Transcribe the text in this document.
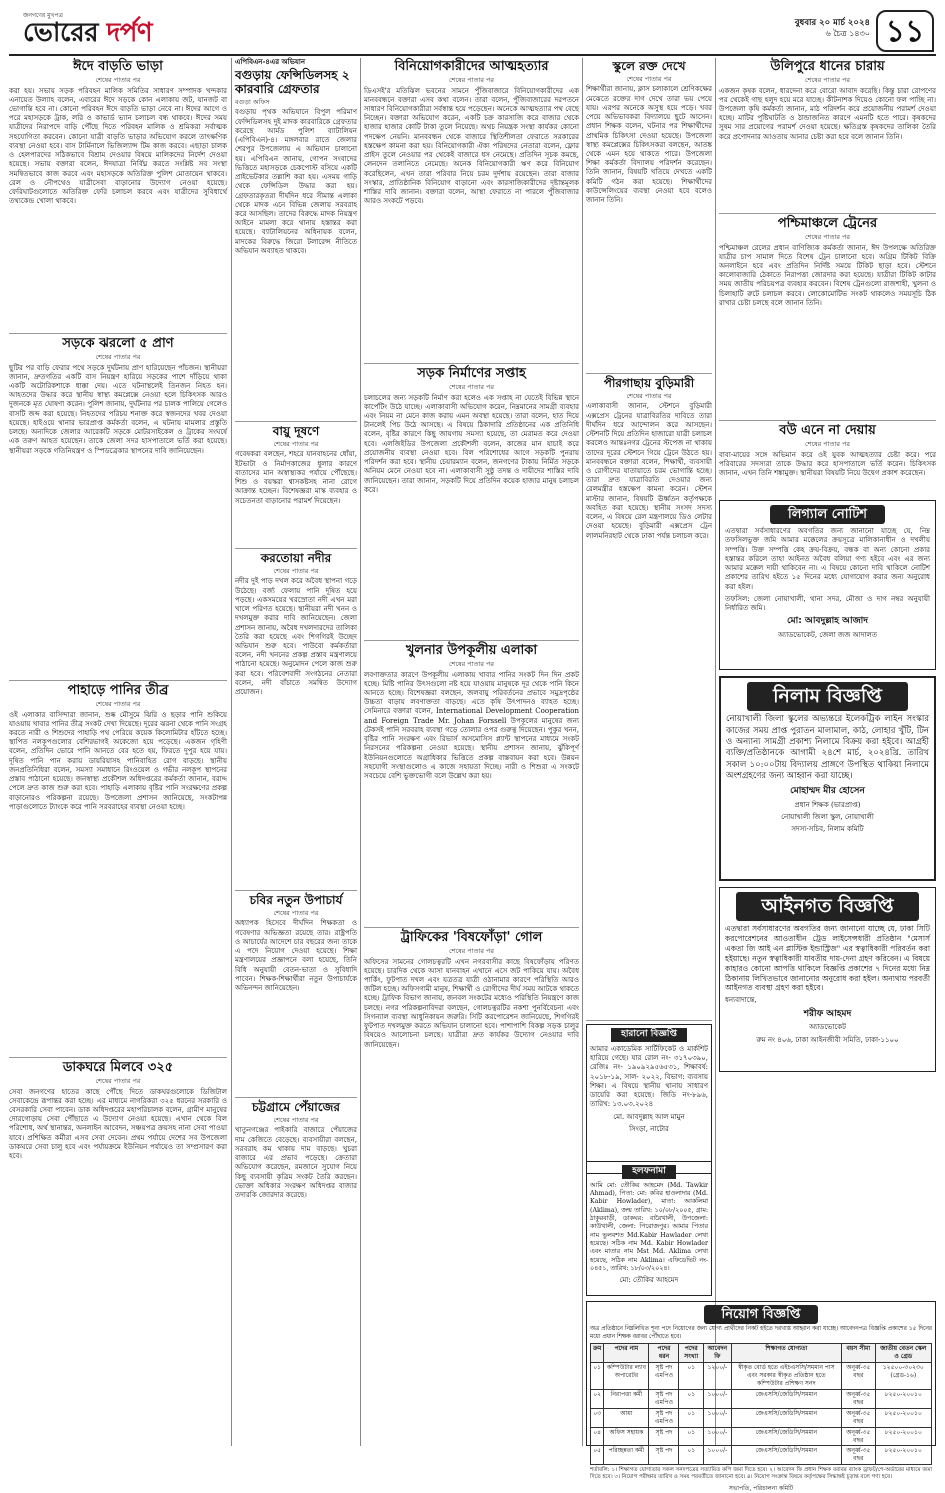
জনগণের মুখপত্র
ভোরের দর্পণ	বুধবার ২০ মার্চ ২০২৪
৬ চৈত্র ১৪৩০ ১১
ঈদে বাড়তি ভাড়া
শেষের পাতার পর

করা হয়। সভায় সড়ক পরিবহন মালিক সমিতির সাধারণ সম্পাদক খন্দকার এনায়েত উল্যাহ বলেন, এবারের ঈদে সড়কে কোন এলাকায় জট, যানজট বা ভোগান্তি হবে না। কোনো পরিবহন ঈদে বাড়তি ভাড়া নেবে না। ঈদের আগে ও পরে মহাসড়কে ট্রাক, লরি ও কাভার্ড ভ্যান চলাচল বন্ধ থাকবে। ঈদের সময় যাত্রীদের নিরাপদে বাড়ি পৌঁছে দিতে পরিবহন মালিক ও শ্রমিকরা সর্বাত্মক সহযোগিতা করবেন। কোনো যাত্রী বাড়তি ভাড়ার অভিযোগ করলে তাৎক্ষণিক ব্যবস্থা নেওয়া হবে। বাস টার্মিনালে ভিজিল্যান্স টিম কাজ করবে। এছাড়া চালক ও হেলপারদের সঠিকভাবে বিশ্রাম দেওয়ার বিষয়ে মালিকদের নির্দেশ দেওয়া হয়েছে। সভায় বক্তারা বলেন, ঈদযাত্রা নির্বিঘ্ন করতে সংশ্লিষ্ট সব সংস্থা সমন্বিতভাবে কাজ করবে এবং মহাসড়কে অতিরিক্ত পুলিশ মোতায়েন থাকবে। রেল ও নৌপথেও যাত্রীসেবা বাড়ানোর উদ্যোগ নেওয়া হয়েছে। ফেরিঘাটগুলোতে অতিরিক্ত ফেরি চলাচল করবে এবং যাত্রীদের সুবিধার্থে তথ্যকেন্দ্র খোলা থাকবে।

সড়কে ঝরলো ৫ প্রাণ
শেষের পাতার পর

ছুটির পর বাড়ি ফেরার পথে সড়কে দুর্ঘটনায় প্রাণ হারিয়েছেন পাঁচজন। স্থানীয়রা জানান, দ্রুতগতির একটি বাস নিয়ন্ত্রণ হারিয়ে সড়কের পাশে দাঁড়িয়ে থাকা একটি অটোরিকশাকে ধাক্কা দেয়। এতে ঘটনাস্থলেই তিনজন নিহত হন। আহতদের উদ্ধার করে স্থানীয় স্বাস্থ্য কমপ্লেক্সে নেওয়া হলে চিকিৎসক আরও দুজনকে মৃত ঘোষণা করেন। পুলিশ জানায়, দুর্ঘটনার পর চালক পালিয়ে গেলেও বাসটি জব্দ করা হয়েছে। নিহতদের পরিচয় শনাক্ত করে স্বজনদের খবর দেওয়া হয়েছে। হাইওয়ে থানার ভারপ্রাপ্ত কর্মকর্তা বলেন, এ ঘটনায় মামলার প্রস্তুতি চলছে। অন্যদিকে জেলার আরেকটি সড়কে মোটরসাইকেল ও ট্রাকের সংঘর্ষে এক তরুণ আহত হয়েছেন। তাকে জেলা সদর হাসপাতালে ভর্তি করা হয়েছে। স্থানীয়রা সড়কে গতিনিয়ন্ত্রণ ও স্পিডব্রেকার স্থাপনের দাবি জানিয়েছেন।

পাহাড়ে পানির তীব্র
শেষের পাতার পর

ওই এলাকার বাসিন্দারা জানান, শুষ্ক মৌসুমে ঝিরি ও ছড়ার পানি শুকিয়ে যাওয়ায় খাবার পানির তীব্র সংকট দেখা দিয়েছে। দূরের ঝরনা থেকে পানি সংগ্রহ করতে নারী ও শিশুদের পাহাড়ি পথ পেরিয়ে কয়েক কিলোমিটার হাঁটতে হচ্ছে। স্থাপিত নলকূপগুলোর বেশিরভাগই অকেজো হয়ে পড়েছে। একজন গৃহিণী বলেন, প্রতিদিন ভোরে পানি আনতে বের হতে হয়, ফিরতে দুপুর হয়ে যায়। দূষিত পানি পান করায় ডায়রিয়াসহ পানিবাহিত রোগ বাড়ছে। স্থানীয় জনপ্রতিনিধিরা বলেন, সমস্যা সমাধানে রিংওয়েল ও গভীর নলকূপ স্থাপনের প্রস্তাব পাঠানো হয়েছে। জনস্বাস্থ্য প্রকৌশল অধিদপ্তরের কর্মকর্তা জানান, বরাদ্দ পেলে দ্রুত কাজ শুরু করা হবে। পাহাড়ি এলাকায় বৃষ্টির পানি সংরক্ষণের প্রকল্প বাড়ানোরও পরিকল্পনা রয়েছে। উপজেলা প্রশাসন জানিয়েছে, সংকটাপন্ন পাড়াগুলোতে ট্যাংকে করে পানি সরবরাহের ব্যবস্থা নেওয়া হচ্ছে।

ডাকঘরে মিলবে ৩২৫
শেষের পাতার পর

সেবা জনগণের হাতের কাছে পৌঁছে দিতে ডাকঘরগুলোকে ডিজিটাল সেবাকেন্দ্রে রূপান্তর করা হচ্ছে। এর মাধ্যমে নাগরিকরা ৩২৫ ধরনের সরকারি ও বেসরকারি সেবা পাবেন। ডাক অধিদপ্তরের মহাপরিচালক বলেন, গ্রামীণ মানুষের দোরগোড়ায় সেবা পৌঁছাতে এ উদ্যোগ নেওয়া হয়েছে। এখান থেকে বিল পরিশোধ, অর্থ স্থানান্তর, অনলাইন আবেদন, সঞ্চয়পত্র ক্রয়সহ নানা সেবা পাওয়া যাবে। প্রশিক্ষিত কর্মীরা এসব সেবা দেবেন। প্রথম পর্যায়ে দেশের সব উপজেলা ডাকঘরে সেবা চালু হবে এবং পর্যায়ক্রমে ইউনিয়ন পর্যায়েও তা সম্প্রসারণ করা হবে।

এপিবিএন-৪এর অভিযান
বগুড়ায় ফেন্সিডিলসহ ২ কারবারি গ্রেফতার
বগুড়া অফিস

বগুড়ায় পৃথক অভিযানে বিপুল পরিমাণ ফেন্সিডিলসহ দুই মাদক কারবারিকে গ্রেফতার করেছে আর্মড পুলিশ ব্যাটালিয়ন (এপিবিএন)-৪। মঙ্গলবার রাতে জেলার শেরপুর উপজেলায় এ অভিযান চালানো হয়। এপিবিএন জানায়, গোপন সংবাদের ভিত্তিতে মহাসড়কে চেকপোস্ট বসিয়ে একটি প্রাইভেটকার তল্লাশি করা হয়। এসময় গাড়ি থেকে ফেন্সিডিল উদ্ধার করা হয়। গ্রেফতারকৃতরা দীর্ঘদিন ধরে সীমান্ত এলাকা থেকে মাদক এনে বিভিন্ন জেলায় সরবরাহ করে আসছিল। তাদের বিরুদ্ধে মাদক নিয়ন্ত্রণ আইনে মামলা করে থানায় হস্তান্তর করা হয়েছে। ব্যাটালিয়নের অধিনায়ক বলেন, মাদকের বিরুদ্ধে জিরো টলারেন্স নীতিতে অভিযান অব্যাহত থাকবে।

বায়ু দূষণে
শেষের পাতার পর

গবেষকরা বলছেন, শহরে যানবাহনের ধোঁয়া, ইটভাটা ও নির্মাণকাজের ধুলার কারণে বাতাসের মান অস্বাস্থ্যকর পর্যায়ে পৌঁছেছে। শিশু ও বয়স্করা শ্বাসকষ্টসহ নানা রোগে আক্রান্ত হচ্ছেন। বিশেষজ্ঞরা মাস্ক ব্যবহার ও সচেতনতা বাড়ানোর পরামর্শ দিয়েছেন।

করতোয়া নদীর
শেষের পাতার পর

নদীর দুই পাড় দখল করে অবৈধ স্থাপনা গড়ে উঠেছে। বর্জ্য ফেলায় পানি দূষিত হয়ে পড়ছে। একসময়ের খরস্রোতা নদী এখন মরা খালে পরিণত হয়েছে। স্থানীয়রা নদী খনন ও দখলমুক্ত করার দাবি জানিয়েছেন। জেলা প্রশাসন জানায়, অবৈধ দখলদারদের তালিকা তৈরি করা হয়েছে এবং শিগগিরই উচ্ছেদ অভিযান শুরু হবে। পাউবো কর্মকর্তারা বলেন, নদী খননের প্রকল্প প্রস্তাব মন্ত্রণালয়ে পাঠানো হয়েছে। অনুমোদন পেলে কাজ শুরু করা হবে। পরিবেশবাদী সংগঠনের নেতারা বলেন, নদী বাঁচাতে সমন্বিত উদ্যোগ প্রয়োজন।

চবির নতুন উপাচার্য
শেষের পাতার পর

অধ্যাপক হিসেবে দীর্ঘদিন শিক্ষকতা ও গবেষণার অভিজ্ঞতা রয়েছে তার। রাষ্ট্রপতি ও আচার্যের আদেশে চার বছরের জন্য তাকে এ পদে নিয়োগ দেওয়া হয়েছে। শিক্ষা মন্ত্রণালয়ের প্রজ্ঞাপনে বলা হয়েছে, তিনি বিধি অনুযায়ী বেতন-ভাতা ও সুবিধাদি পাবেন। শিক্ষক-শিক্ষার্থীরা নতুন উপাচার্যকে অভিনন্দন জানিয়েছেন।

চট্টগ্রামে পেঁয়াজের
শেষের পাতার পর

খাতুনগঞ্জের পাইকারি বাজারে পেঁয়াজের দাম কেজিতে বেড়েছে। ব্যবসায়ীরা বলছেন, সরবরাহ কম থাকায় দাম বাড়ছে। খুচরা বাজারে এর প্রভাব পড়েছে। ক্রেতারা অভিযোগ করেছেন, রমজানে সুযোগ নিয়ে কিছু ব্যবসায়ী কৃত্রিম সংকট তৈরি করছেন। ভোক্তা অধিকার সংরক্ষণ অধিদপ্তর বাজার তদারকি জোরদার করেছে।

বিনিয়োগকারীদের আত্মহত্যার
শেষের পাতার পর

ডিএসই'র মতিঝিল ভবনের সামনে পুঁজিবাজারে বিনিয়োগকারীদের এক মানববন্ধনে বক্তারা এসব কথা বলেন। তারা বলেন, পুঁজিবাজারের দরপতনে সাধারণ বিনিয়োগকারীরা সর্বস্বান্ত হয়ে পড়েছেন। অনেকে আত্মহত্যার পথ বেছে নিচ্ছেন। বক্তারা অভিযোগ করেন, একটি চক্র কারসাজি করে বাজার থেকে হাজার হাজার কোটি টাকা তুলে নিয়েছে। অথচ নিয়ন্ত্রক সংস্থা কার্যকর কোনো পদক্ষেপ নেয়নি। মানববন্ধন থেকে বাজারে স্থিতিশীলতা ফেরাতে সরকারের হস্তক্ষেপ কামনা করা হয়। বিনিয়োগকারী ঐক্য পরিষদের নেতারা বলেন, ফ্লোর প্রাইস তুলে নেওয়ার পর থেকেই বাজারে ধস নেমেছে। প্রতিদিন সূচক কমছে, লেনদেন তলানিতে নেমেছে। অনেক বিনিয়োগকারী ঋণ করে বিনিয়োগ করেছিলেন, এখন তারা পরিবার নিয়ে চরম দুর্দশায় রয়েছেন। তারা বাজার সংস্কার, প্রাতিষ্ঠানিক বিনিয়োগ বাড়ানো এবং কারসাজিকারীদের দৃষ্টান্তমূলক শাস্তির দাবি জানান। বক্তারা বলেন, আস্থা ফেরাতে না পারলে পুঁজিবাজার আরও সংকটে পড়বে।

সড়ক নির্মাণের সপ্তাহ
শেষের পাতার পর

চলাচলের জন্য সড়কটি নির্মাণ করা হলেও এক সপ্তাহ না যেতেই বিভিন্ন স্থানে কার্পেটিং উঠে যাচ্ছে। এলাকাবাসী অভিযোগ করেন, নিম্নমানের সামগ্রী ব্যবহার এবং নিয়ম না মেনে কাজ করায় এমন অবস্থা হয়েছে। তারা বলেন, হাত দিয়ে টানলেই পিচ উঠে আসছে। এ বিষয়ে ঠিকাদারি প্রতিষ্ঠানের এক প্রতিনিধি বলেন, বৃষ্টির কারণে কিছু জায়গায় সমস্যা হয়েছে, তা মেরামত করে দেওয়া হবে। এলজিইডির উপজেলা প্রকৌশলী বলেন, কাজের মান যাচাই করে প্রয়োজনীয় ব্যবস্থা নেওয়া হবে। বিল পরিশোধের আগে সড়কটি পুনরায় পরিদর্শন করা হবে। স্থানীয় চেয়ারম্যান বলেন, জনগণের টাকায় নির্মিত সড়কে অনিয়ম মেনে নেওয়া হবে না। এলাকাবাসী সুষ্ঠু তদন্ত ও দায়ীদের শাস্তির দাবি জানিয়েছেন। তারা জানান, সড়কটি দিয়ে প্রতিদিন কয়েক হাজার মানুষ চলাচল করে।

খুলনার উপকূলীয় এলাকা
শেষের পাতার পর

লবণাক্ততার কারণে উপকূলীয় এলাকায় খাবার পানির সংকট দিন দিন প্রকট হচ্ছে। মিষ্টি পানির উৎসগুলো নষ্ট হয়ে যাওয়ায় মানুষকে দূর থেকে পানি কিনে আনতে হচ্ছে। বিশেষজ্ঞরা বলছেন, জলবায়ু পরিবর্তনের প্রভাবে সমুদ্রপৃষ্ঠের উচ্চতা বাড়ায় লবণাক্ততা বাড়ছে। এতে কৃষি উৎপাদনও ব্যাহত হচ্ছে। সেমিনারে বক্তারা বলেন, International Development Cooperation and Foreign Trade Mr. Johan Forssell উপকূলের মানুষের জন্য টেকসই পানি সরবরাহ ব্যবস্থা গড়ে তোলার ওপর গুরুত্ব দিয়েছেন। পুকুর খনন, বৃষ্টির পানি সংরক্ষণ এবং রিভার্স অসমোসিস প্ল্যান্ট স্থাপনের মাধ্যমে সংকট নিরসনের পরিকল্পনা নেওয়া হয়েছে। স্থানীয় প্রশাসন জানায়, ঝুঁকিপূর্ণ ইউনিয়নগুলোতে অগ্রাধিকার ভিত্তিতে প্রকল্প বাস্তবায়ন করা হবে। উন্নয়ন সহযোগী সংস্থাগুলোও এ কাজে সহায়তা দিচ্ছে। নারী ও শিশুরা এ সংকটে সবচেয়ে বেশি ভুক্তভোগী বলে উল্লেখ করা হয়।

ট্রাফিকের 'বিষফোঁড়া' গোল
শেষের পাতার পর

অফিসের সামনের গোলচত্বরটি এখন নগরবাসীর কাছে বিষফোঁড়ায় পরিণত হয়েছে। চারদিক থেকে আসা যানবাহন এখানে এসে জট পাকিয়ে যায়। অবৈধ পার্কিং, ফুটপাত দখল এবং যত্রতত্র যাত্রী ওঠানামার কারণে পরিস্থিতি আরও জটিল হচ্ছে। অফিসগামী মানুষ, শিক্ষার্থী ও রোগীদের দীর্ঘ সময় আটকে থাকতে হচ্ছে। ট্রাফিক বিভাগ জানায়, জনবল সংকটের মধ্যেও পরিস্থিতি নিয়ন্ত্রণে কাজ চলছে। নগর পরিকল্পনাবিদরা বলছেন, গোলচত্বরটির নকশা পুনর্বিবেচনা এবং সিগন্যাল ব্যবস্থা আধুনিকায়ন জরুরি। সিটি করপোরেশন জানিয়েছে, শিগগিরই ফুটপাত দখলমুক্ত করতে অভিযান চালানো হবে। পাশাপাশি বিকল্প সড়ক চালুর বিষয়েও আলোচনা চলছে। যাত্রীরা দ্রুত কার্যকর উদ্যোগ নেওয়ার দাবি জানিয়েছেন।

স্কুলে রক্ত দেখে
শেষের পাতার পর

শিক্ষার্থীরা জানায়, ক্লাস চলাকালে শ্রেণিকক্ষের মেঝেতে রক্তের দাগ দেখে তারা ভয় পেয়ে যায়। এরপর অনেকে অসুস্থ হয়ে পড়ে। খবর পেয়ে অভিভাবকরা বিদ্যালয়ে ছুটে আসেন। প্রধান শিক্ষক বলেন, ঘটনার পর শিক্ষার্থীদের প্রাথমিক চিকিৎসা দেওয়া হয়েছে। উপজেলা স্বাস্থ্য কমপ্লেক্সের চিকিৎসকরা বলছেন, আতঙ্ক থেকে এমন হয়ে থাকতে পারে। উপজেলা শিক্ষা কর্মকর্তা বিদ্যালয় পরিদর্শন করেছেন। তিনি জানান, বিষয়টি খতিয়ে দেখতে একটি কমিটি গঠন করা হয়েছে। শিক্ষার্থীদের কাউন্সেলিংয়ের ব্যবস্থা নেওয়া হবে বলেও জানান তিনি।

পীরগাছায় বুড়িমারী
শেষের পাতার পর

এলাকাবাসী জানান, স্টেশনে বুড়িমারী এক্সপ্রেস ট্রেনের যাত্রাবিরতির দাবিতে তারা দীর্ঘদিন ধরে আন্দোলন করে আসছেন। স্টেশনটি দিয়ে প্রতিদিন হাজারো যাত্রী চলাচল করলেও আন্তঃনগর ট্রেনের স্টপেজ না থাকায় তাদের দূরের স্টেশনে গিয়ে ট্রেনে উঠতে হয়। মানববন্ধনে বক্তারা বলেন, শিক্ষার্থী, ব্যবসায়ী ও রোগীদের যাতায়াতে চরম ভোগান্তি হচ্ছে। তারা দ্রুত যাত্রাবিরতি দেওয়ার জন্য রেলমন্ত্রীর হস্তক্ষেপ কামনা করেন। স্টেশন মাস্টার জানান, বিষয়টি ঊর্ধ্বতন কর্তৃপক্ষকে অবহিত করা হয়েছে। স্থানীয় সংসদ সদস্য বলেন, এ বিষয়ে রেল মন্ত্রণালয়ে ডিও লেটার দেওয়া হয়েছে। বুড়িমারী এক্সপ্রেস ট্রেন লালমনিরহাট থেকে ঢাকা পর্যন্ত চলাচল করে।

হারানো বিজ্ঞপ্তি

আমার একাডেমিক সার্টিফিকেট ও মার্কশিট হারিয়ে গেছে। যার রোল নং- ৩১৭০৩৯০, রেজিঃ নং- ১৯০৯২৯৫৬৫৩১, শিক্ষাবর্ষ: ২০১৮-১৯, সাল- ২০২২, বিভাগ: ব্যবসায় শিক্ষা। এ বিষয়ে স্থানীয় থানায় সাধারণ ডায়েরি করা হয়েছে। জিডি নং-৮৯৬, তারিখ: ১৩.০৩.২০২৪

মো. আবদুল্লাহ আল মামুন
সিংড়া, নাটোর
উলিপুরে ধানের চারায়
শেষের পাতার পর

একজন কৃষক বলেন, ধারদেনা করে বোরো আবাদ করেছি। কিন্তু চারা রোপণের পর থেকেই গাছ হলুদ হয়ে মরে যাচ্ছে। কীটনাশক দিয়েও কোনো ফল পাচ্ছি না। উপজেলা কৃষি কর্মকর্তা জানান, মাঠ পরিদর্শন করে প্রয়োজনীয় পরামর্শ দেওয়া হচ্ছে। মাটির পুষ্টিঘাটতি ও ঠান্ডাজনিত কারণে এমনটি হতে পারে। কৃষকদের সুষম সার প্রয়োগের পরামর্শ দেওয়া হয়েছে। ক্ষতিগ্রস্ত কৃষকদের তালিকা তৈরি করে প্রণোদনার আওতায় আনার চেষ্টা করা হবে বলে জানান তিনি।

পশ্চিমাঞ্চলে ট্রেনের
শেষের পাতার পর

পশ্চিমাঞ্চল রেলের প্রধান বাণিজ্যিক কর্মকর্তা জানান, ঈদ উপলক্ষে অতিরিক্ত যাত্রীর চাপ সামাল দিতে বিশেষ ট্রেন চালানো হবে। অগ্রিম টিকিট বিক্রি অনলাইনে হবে এবং প্রতিদিন নির্দিষ্ট সময়ে টিকিট ছাড়া হবে। স্টেশনে কালোবাজারি ঠেকাতে নিরাপত্তা জোরদার করা হয়েছে। যাত্রীরা টিকিট কাটার সময় জাতীয় পরিচয়পত্র ব্যবহার করবেন। বিশেষ ট্রেনগুলো রাজশাহী, খুলনা ও চিলাহাটি রুটে চলাচল করবে। লোকোমোটিভ সংকট থাকলেও সময়সূচি ঠিক রাখার চেষ্টা চলছে বলে জানান তিনি।

বউ এনে না দেয়ায়
শেষের পাতার পর

বাবা-মায়ের সঙ্গে অভিমান করে ওই যুবক আত্মহত্যার চেষ্টা করে। পরে পরিবারের সদস্যরা তাকে উদ্ধার করে হাসপাতালে ভর্তি করেন। চিকিৎসক জানান, এখন তিনি শঙ্কামুক্ত। স্থানীয়রা বিষয়টি নিয়ে উদ্বেগ প্রকাশ করেছেন।

লিগ্যাল নোটিশ

এতদ্বারা সর্বসাধারণের অবগতির জন্য জানানো যাচ্ছে যে, নিম্ন তফসিলভুক্ত জমি আমার মক্কেলের ক্রয়সূত্রে মালিকানাধীন ও দখলীয় সম্পত্তি। উক্ত সম্পত্তি কেহ ক্রয়-বিক্রয়, বন্ধক বা অন্য কোনো প্রকার হস্তান্তর করিলে তাহা আইনত অবৈধ বলিয়া গণ্য হইবে এবং এর জন্য আমার মক্কেল দায়ী থাকিবেন না। এ বিষয়ে কোনো দাবি থাকিলে নোটিশ প্রকাশের তারিখ হইতে ১৫ দিনের মধ্যে যোগাযোগ করার জন্য অনুরোধ করা হইল।

তফসিল: জেলা নোয়াখালী, থানা সদর, মৌজা ও দাগ নম্বর অনুযায়ী নির্ধারিত জমি।

মো: আবদুল্লাহ আজাদ
অ্যাডভোকেট, জেলা জজ আদালত
নিলাম বিজ্ঞপ্তি

নোয়াখালী জিলা স্কুলের অভ্যন্তরে ইলেকট্রিক লাইন সংস্কার কাজের সময় প্রাপ্ত পুরাতন মালামাল, কাঠ, লোহার খুঁটি, টিন ও অন্যান্য সামগ্রী প্রকাশ্য নিলামে বিক্রয় করা হইবে। আগ্রহী ব্যক্তি/প্রতিষ্ঠানকে আগামী ২৪শে মার্চ, ২০২৪খ্রি. তারিখ সকাল ১০:০০টায় বিদ্যালয় প্রাঙ্গণে উপস্থিত থাকিয়া নিলামে অংশগ্রহণের জন্য আহ্বান করা যাচ্ছে।

মোহাম্মদ মীর হোসেন
প্রধান শিক্ষক (ভারপ্রাপ্ত)
নোয়াখালী জিলা স্কুল, নোয়াখালী
সদস্য-সচিব, নিলাম কমিটি
আইনগত বিজ্ঞপ্তি

এতদ্বারা সর্বসাধারণের অবগতির জন্য জানানো যাচ্ছে যে, ঢাকা সিটি করপোরেশনের আওতাধীন ট্রেড লাইসেন্সধারী প্রতিষ্ঠান "মেসার্স একতা জি আই এন প্লাস্টিক ইন্ডাস্ট্রিজ" এর স্বত্বাধিকারী পরিবর্তন করা হইয়াছে। নতুন স্বত্বাধিকারী যাবতীয় দায়-দেনা গ্রহণ করিবেন। এ বিষয়ে কাহারও কোনো আপত্তি থাকিলে বিজ্ঞপ্তি প্রকাশের ৭ দিনের মধ্যে নিম্ন ঠিকানায় লিখিতভাবে জানানোর অনুরোধ করা হইল। অন্যথায় পরবর্তী আইনগত ব্যবস্থা গ্রহণ করা হইবে।

ধন্যবাদান্তে,
শরীফ আহমদ
অ্যাডভোকেট
রুম নং ৪০৬, ঢাকা আইনজীবী সমিতি, ঢাকা-১১০০
হলফনামা

আমি মো: তৌকির আহমেদ (Md. Tawkir Ahmad), পিতা: মো: কবির হাওলাদার (Md. Kabir Howlader), মাতা: আকলিমা (Aklima), জন্ম তারিখ: ১০/০৮/২০০৫, গ্রাম: ঠাকুরবাড়ী, ডাকঘর: বারৈখালী, উপজেলা: কাউখালী, জেলা: পিরোজপুর। আমার পিতার নাম ভুলবশত Md.Kabir Hawlader লেখা হয়েছে। সঠিক নাম Md. Kabir Howlader এবং মাতার নাম Mst Md. Aklima লেখা হয়েছে, সঠিক নাম Aklima। এফিডেভিট নং- ০৪৫১, তারিখ: ১৮/০৩/২০২৪।

মো: তৌকির আহমেদ
নিয়োগ বিজ্ঞপ্তি

অত্র প্রতিষ্ঠানে নিম্নলিখিত শূন্য পদে নিয়োগের জন্য যোগ্য প্রার্থীদের নিকট হইতে দরখাস্ত আহ্বান করা যাচ্ছে। আবেদনপত্র বিজ্ঞপ্তি প্রকাশের ১৫ দিনের মধ্যে প্রধান শিক্ষক বরাবর পৌঁছাতে হবে।

ক্রম	পদের নাম	পদের ধরন	পদের সংখ্যা	আবেদন ফি	শিক্ষাগত যোগ্যতা	বয়স সীমা	জাতীয় বেতন স্কেল ও গ্রেড
০১	কম্পিউটার ল্যাব অপারেটর	সৃষ্ট পদ এমপিও	০১	১২০০/-	স্বীকৃত বোর্ড হতে এইচএসসি/সমমান পাস এবং সরকার স্বীকৃত প্রতিষ্ঠান হতে কম্পিউটার প্রশিক্ষণ সনদ	অনূর্ধ্ব-৩৫ বছর	১২৫০০-৩০২৩০ (গ্রেড-১৬)
০২	নিরাপত্তা কর্মী	সৃষ্ট পদ এমপিও	০১	১০০০/-	জেএসসি/জেডিসি/সমমান	অনূর্ধ্ব-৩৫ বছর	৮২৫০-২০০১০
০৩	আয়া	সৃষ্ট পদ এমপিও	০১	১০০০/-	জেএসসি/জেডিসি/সমমান	অনূর্ধ্ব-৩৫ বছর	৮২৫০-২০০১০
০৪	অফিস সহায়ক	সৃষ্ট পদ	০১	১০০০/-	জেএসসি/জেডিসি/সমমান	অনূর্ধ্ব-৩৫ বছর	৮২৫০-২০০১০
০৫	পরিচ্ছন্নতা কর্মী	সৃষ্ট পদ	০১	১০০০/-	জেএসসি/জেডিসি/সমমান	অনূর্ধ্ব-৩৫ বছর	৮২৫০-২০০১০

শর্তাবলি: ১। শিক্ষাগত যোগ্যতার সকল সনদপত্রের সত্যায়িত কপি জমা দিতে হবে। ২। আবেদন ফি প্রধান শিক্ষক বরাবর ব্যাংক ড্রাফট/পে-অর্ডারের মাধ্যমে জমা দিতে হবে। ৩। নিয়োগ পরীক্ষার তারিখ ও সময় পরবর্তীতে জানানো হবে। ৪। নিয়োগ সংক্রান্ত বিষয়ে কর্তৃপক্ষের সিদ্ধান্তই চূড়ান্ত বলে গণ্য হবে।

সভাপতি, পরিচালনা কমিটি
